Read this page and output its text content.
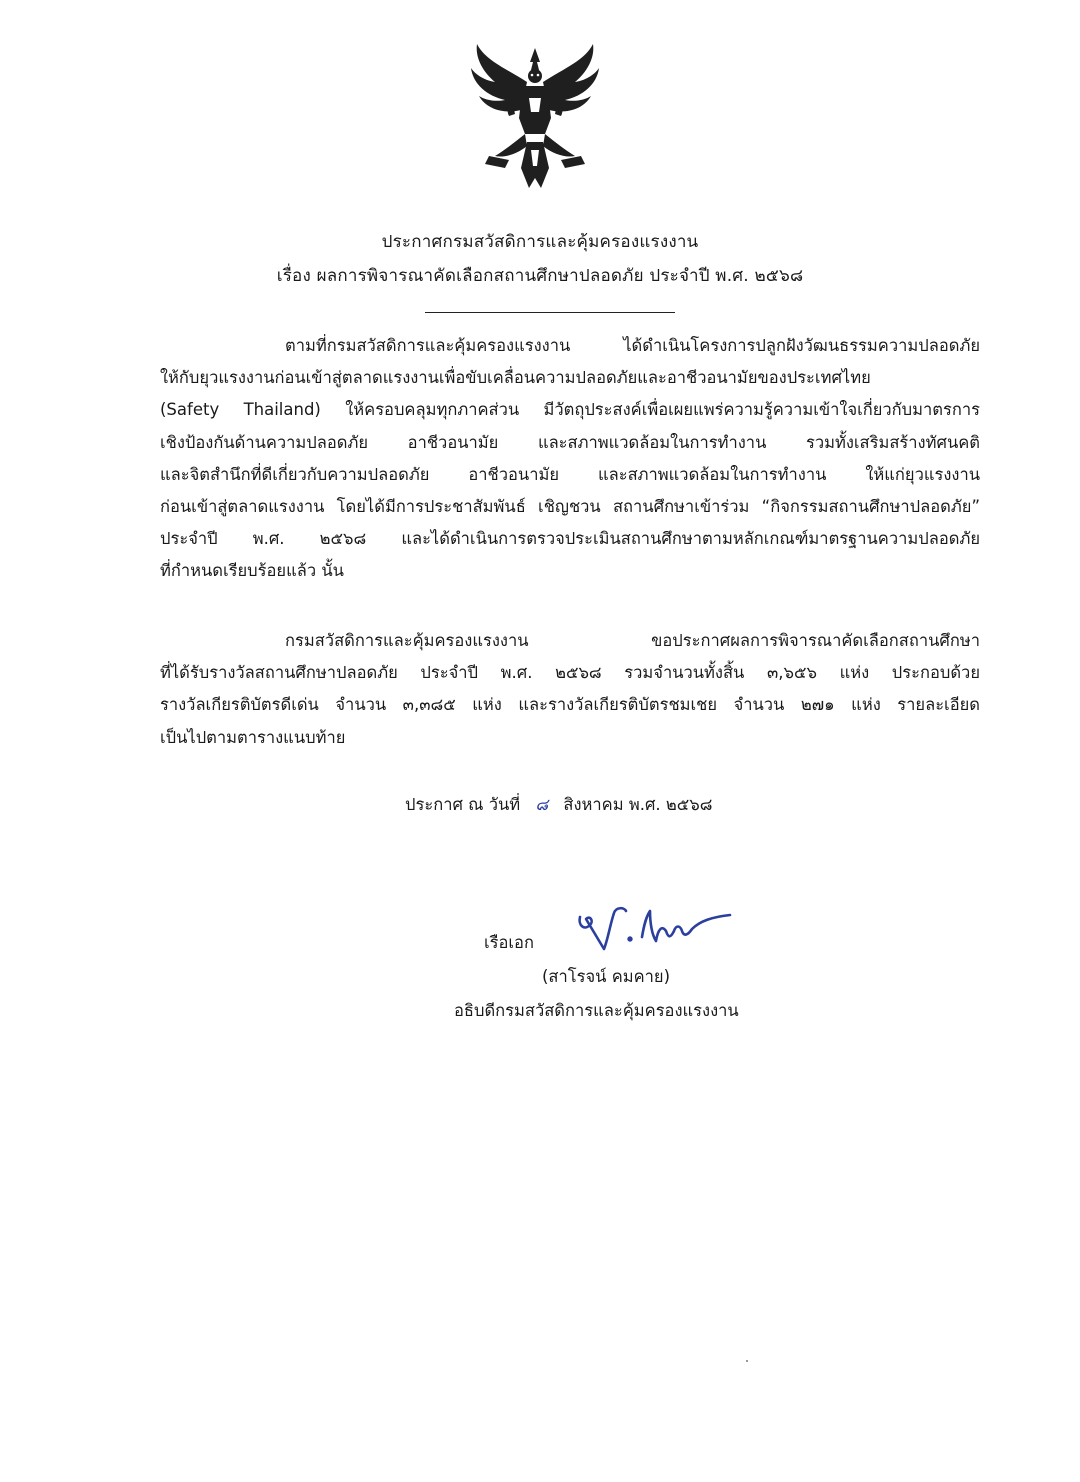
ประกาศกรมสวัสดิการและคุ้มครองแรงงาน
เรื่อง ผลการพิจารณาคัดเลือกสถานศึกษาปลอดภัย ประจำปี พ.ศ. ๒๕๖๘
ตามที่กรมสวัสดิการและคุ้มครองแรงงาน ได้ดำเนินโครงการปลูกฝังวัฒนธรรมความปลอดภัย
ให้กับยุวแรงงานก่อนเข้าสู่ตลาดแรงงานเพื่อขับเคลื่อนความปลอดภัยและอาชีวอนามัยของประเทศไทย
(Safety Thailand) ให้ครอบคลุมทุกภาคส่วน มีวัตถุประสงค์เพื่อเผยแพร่ความรู้ความเข้าใจเกี่ยวกับมาตรการ
เชิงป้องกันด้านความปลอดภัย อาชีวอนามัย และสภาพแวดล้อมในการทำงาน รวมทั้งเสริมสร้างทัศนคติ
และจิตสำนึกที่ดีเกี่ยวกับความปลอดภัย อาชีวอนามัย และสภาพแวดล้อมในการทำงาน ให้แก่ยุวแรงงาน
ก่อนเข้าสู่ตลาดแรงงาน โดยได้มีการประชาสัมพันธ์ เชิญชวน สถานศึกษาเข้าร่วม “กิจกรรมสถานศึกษาปลอดภัย”
ประจำปี พ.ศ. ๒๕๖๘ และได้ดำเนินการตรวจประเมินสถานศึกษาตามหลักเกณฑ์มาตรฐานความปลอดภัย
ที่กำหนดเรียบร้อยแล้ว นั้น
กรมสวัสดิการและคุ้มครองแรงงาน ขอประกาศผลการพิจารณาคัดเลือกสถานศึกษา
ที่ได้รับรางวัลสถานศึกษาปลอดภัย ประจำปี พ.ศ. ๒๕๖๘ รวมจำนวนทั้งสิ้น ๓,๖๕๖ แห่ง ประกอบด้วย
รางวัลเกียรติบัตรดีเด่น จำนวน ๓,๓๘๕ แห่ง และรางวัลเกียรติบัตรชมเชย จำนวน ๒๗๑ แห่ง รายละเอียด
เป็นไปตามตารางแนบท้าย
ประกาศ ณ วันที่ ๘ สิงหาคม พ.ศ. ๒๕๖๘
เรือเอก
(สาโรจน์ คมคาย)
อธิบดีกรมสวัสดิการและคุ้มครองแรงงาน
